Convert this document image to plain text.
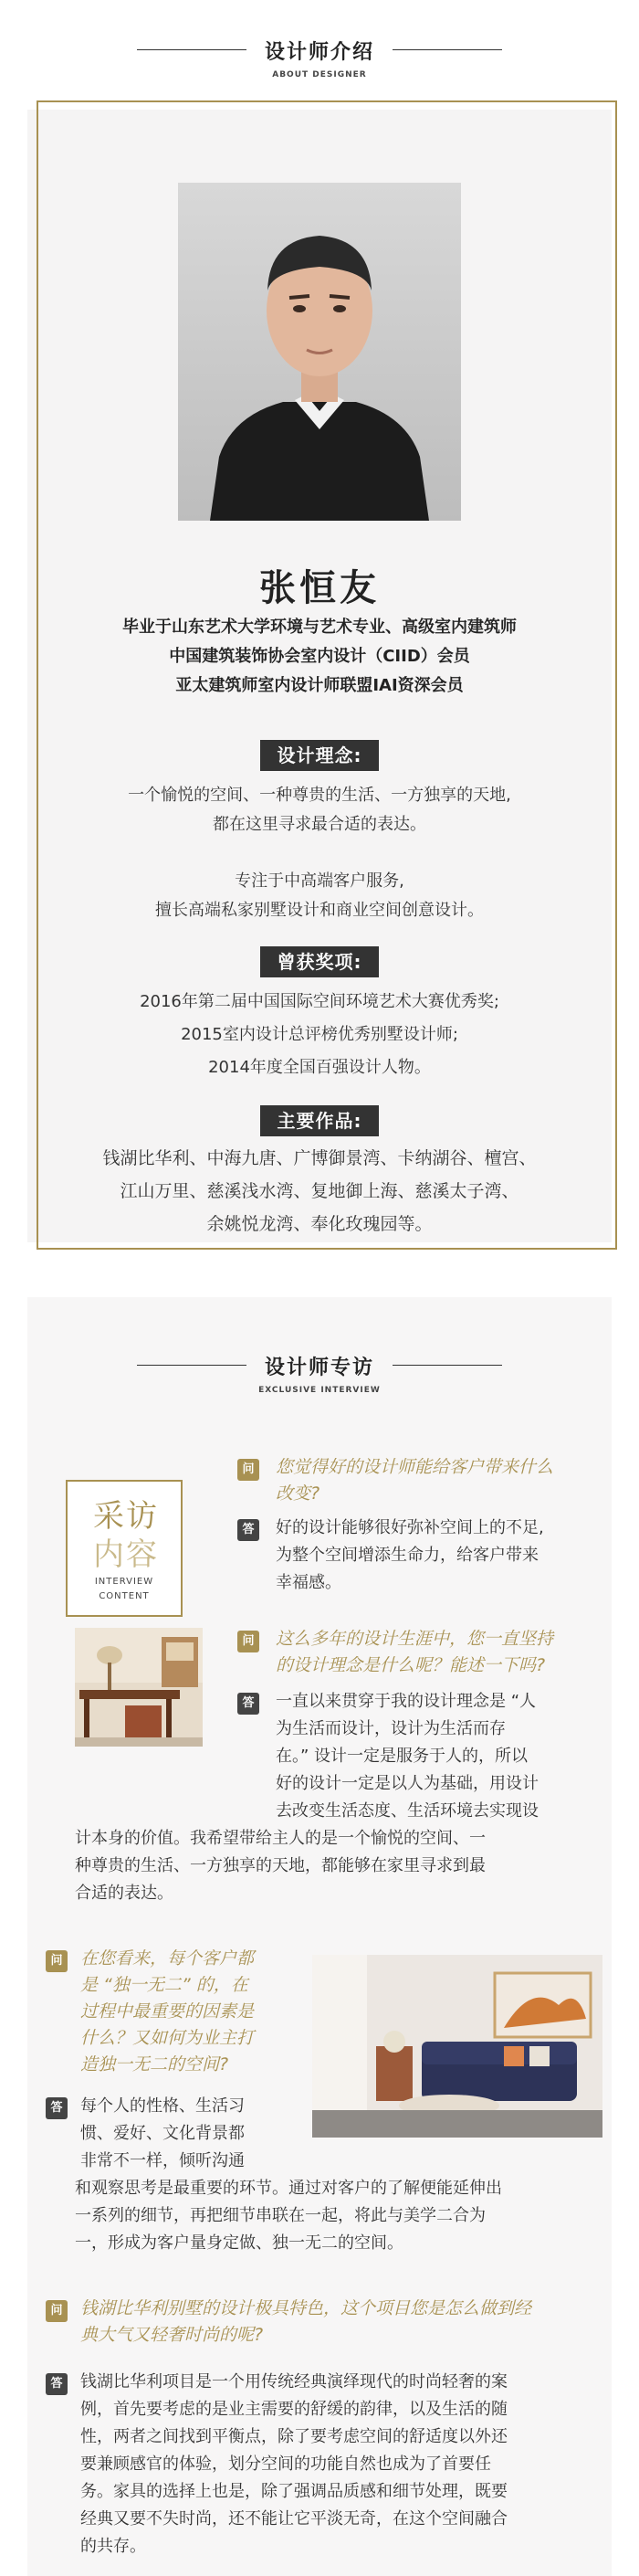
设计师介绍
ABOUT DESIGNER
张恒友
毕业于山东艺术大学环境与艺术专业、高级室内建筑师
中国建筑装饰协会室内设计（CIID）会员
亚太建筑师室内设计师联盟IAI资深会员
设计理念:
一个愉悦的空间、一种尊贵的生活、一方独享的天地,
都在这里寻求最合适的表达。
专注于中高端客户服务,
擅长高端私家别墅设计和商业空间创意设计。
曾获奖项:
2016年第二届中国国际空间环境艺术大赛优秀奖;
2015室内设计总评榜优秀别墅设计师;
2014年度全国百强设计人物。
主要作品:
钱湖比华利、中海九唐、广博御景湾、卡纳湖谷、檀宫、
江山万里、慈溪浅水湾、复地御上海、慈溪太子湾、
余姚悦龙湾、奉化玫瑰园等。
设计师专访
EXCLUSIVE INTERVIEW
采访
内容
INTERVIEW
CONTENT
问 您觉得好的设计师能给客户带来什么
改变?
答	好的设计能够很好弥补空间上的不足,
为整个空间增添生命力，给客户带来
幸福感。
问 这么多年的设计生涯中，您一直坚持
的设计理念是什么呢？能述一下吗?
答	一直以来贯穿于我的设计理念是 “人
为生活而设计，设计为生活而存
在。” 设计一定是服务于人的，所以
好的设计一定是以人为基础，用设计
去改变生活态度、生活环境去实现设
计本身的价值。我希望带给主人的是一个愉悦的空间、一
种尊贵的生活、一方独享的天地，都能够在家里寻求到最
合适的表达。
问 在您看来，每个客户都
是 “独一无二” 的，在
过程中最重要的因素是
什么？又如何为业主打
造独一无二的空间?
答	每个人的性格、生活习
惯、爱好、文化背景都
非常不一样，倾听沟通
和观察思考是最重要的环节。通过对客户的了解便能延伸出
一系列的细节，再把细节串联在一起，将此与美学二合为
一，形成为客户量身定做、独一无二的空间。
问 钱湖比华利别墅的设计极具特色，这个项目您是怎么做到经
典大气又轻奢时尚的呢?
答	钱湖比华利项目是一个用传统经典演绎现代的时尚轻奢的案
例，首先要考虑的是业主需要的舒缓的韵律，以及生活的随
性，两者之间找到平衡点，除了要考虑空间的舒适度以外还
要兼顾感官的体验，划分空间的功能自然也成为了首要任
务。家具的选择上也是，除了强调品质感和细节处理，既要
经典又要不失时尚，还不能让它平淡无奇，在这个空间融合
的共存。
